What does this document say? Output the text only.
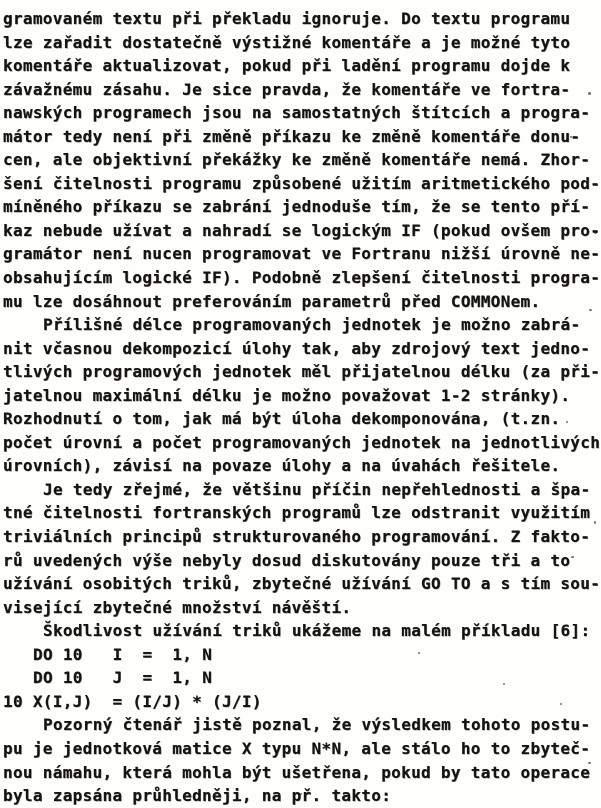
gramovaném textu při překladu ignoruje. Do textu programu
lze zařadit dostatečně výstižné komentáře a je možné tyto
komentáře aktualizovat, pokud při ladění programu dojde k
závažnému zásahu. Je sice pravda, že komentáře ve fortra-
nawských programech jsou na samostatných štítcích a progra-
mátor tedy není při změně příkazu ke změně komentáře donu-
cen, ale objektivní překážky ke změně komentáře nemá. Zhor-
šení čitelnosti programu způsobené užitím aritmetického pod-
míněného příkazu se zabrání jednoduše tím, že se tento pří-
kaz nebude užívat a nahradí se logickým IF (pokud ovšem pro-
gramátor není nucen programovat ve Fortranu nižší úrovně ne-
obsahujícím logické IF). Podobně zlepšení čitelnosti progra-
mu lze dosáhnout preferováním parametrů před COMMONem.
Přílišné délce programovaných jednotek je možno zabrá-
nit včasnou dekompozicí úlohy tak, aby zdrojový text jedno-
tlivých programových jednotek měl přijatelnou délku (za při-
jatelnou maximální délku je možno považovat 1-2 stránky).
Rozhodnutí o tom, jak má být úloha dekomponována, (t.zn.
počet úrovní a počet programovaných jednotek na jednotlivých
úrovních), závisí na povaze úlohy a na úvahách řešitele.
Je tedy zřejmé, že většinu příčin nepřehlednosti a špa-
tné čitelnosti fortranských programů lze odstranit využitím
triviálních principů strukturovaného programování. Z fakto-
rů uvedených výše nebyly dosud diskutovány pouze tři a to
užívání osobitých triků, zbytečné užívání GO TO a s tím sou-
visející zbytečné množství návěští.
Škodlivost užívání triků ukážeme na malém příkladu [6]:
DO 10   I  =  1, N
DO 10   J  =  1, N
10 X(I,J)  = (I/J) * (J/I)
Pozorný čtenář jistě poznal, že výsledkem tohoto postu-
pu je jednotková matice X typu N*N, ale stálo ho to zbyteč-
nou námahu, která mohla být ušetřena, pokud by tato operace
byla zapsána průhledněji, na př. takto:
